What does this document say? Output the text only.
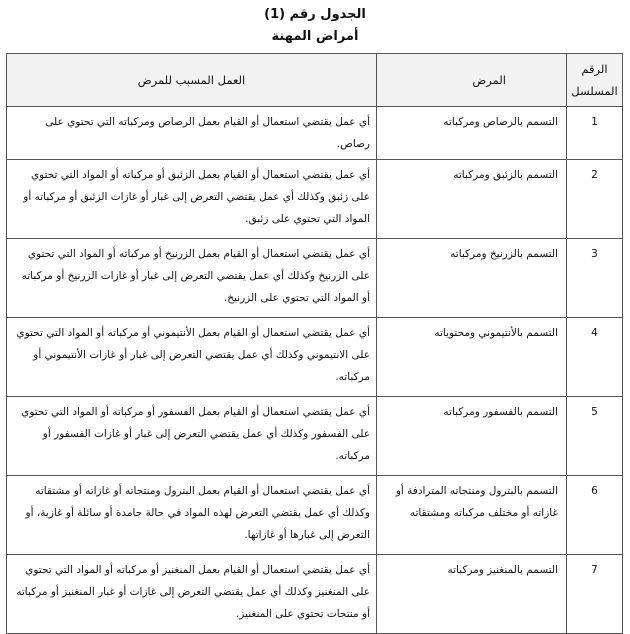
الجدول رقم (1)
أمراض المهنة
الرقم المسلسل	المرض	العمل المسبب للمرض
1	التسمم بالرصاص ومركباته	أي عمل يقتضي استعمال أو القيام بعمل الرصاص ومركباته التي تحتوي على رصاص.
2	التسمم بالزئبق ومركباته	أي عمل يقتضي استعمال أو القيام بعمل الزئبق أو مركباته أو المواد التي تحتوي على زئبق وكذلك أي عمل يقتضي التعرض إلى غبار أو غازات الزئبق أو مركباته أو المواد التي تحتوي على زئبق.
3	التسمم بالزرنيخ ومركباته	أي عمل يقتضي استعمال أو القيام بعمل الزرنيخ أو مركباته أو المواد التي تحتوي على الزرنيخ وكذلك أي عمل يقتضي التعرض إلى غبار أو غازات الزرنيخ أو مركباته أو المواد التي تحتوي على الزرنيخ.
4	التسمم بالأنتيموني ومحتوياته	أي عمل يقتضي استعمال أو القيام بعمل الأنتيموني أو مركباته أو المواد التي تحتوي على الانتيموني وكذلك أي عمل يقتضي التعرض إلى غبار أو غازات الأنتيموني أو مركباته.
5	التسمم بالفسفور ومركباته	أي عمل يقتضي استعمال أو القيام بعمل الفسفور أو مركباته أو المواد التي تحتوي على الفسفور وكذلك أي عمل يقتضي التعرض إلى غبار أو غازات الفسفور أو مركباته.
6	التسمم بالبترول ومنتجاته المترادفة أو غازاته أو مختلف مركباته ومشتقاته	أي عمل يقتضي استعمال أو القيام بعمل البترول ومنتجاته أو غازاته أو مشتقاته وكذلك أي عمل يقتضي التعرض لهذه المواد في حالة جامدة أو سائلة أو غازية، أو التعرض إلى غبارها أو غازاتها.
7	التسمم بالمنغنيز ومركباته	أي عمل يقتضي استعمال أو القيام بعمل المنغنيز أو مركباته أو المواد التي تحتوي على المنغنيز وكذلك أي عمل يقتضي التعرض إلى غازات أو غبار المنغنيز أو مركباته أو منتجات تحتوي على المنغنيز.
